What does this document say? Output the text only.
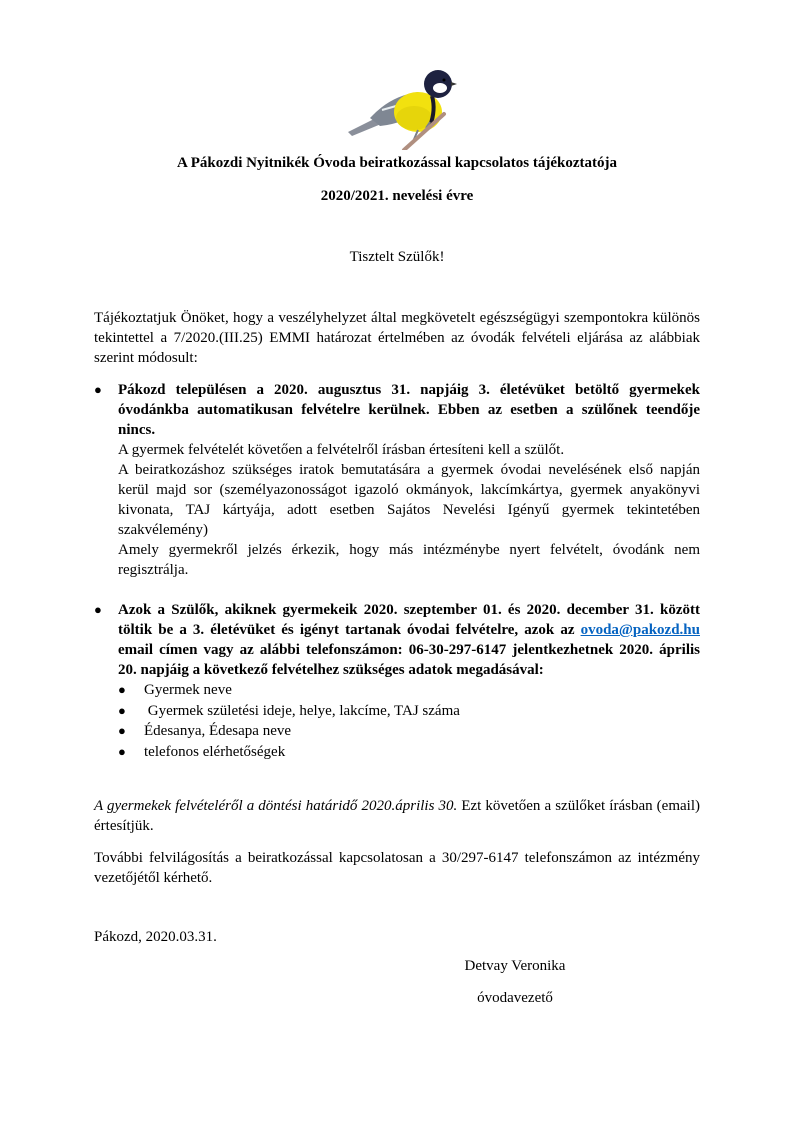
A Pákozdi Nyitnikék Óvoda beiratkozással kapcsolatos tájékoztatója
2020/2021. nevelési évre
Tisztelt Szülők!
Tájékoztatjuk Önöket, hogy a veszélyhelyzet által megkövetelt egészségügyi szempontokra különös tekintettel a 7/2020.(III.25) EMMI határozat értelmében az óvodák felvételi eljárása az alábbiak szerint módosult:
● Pákozd településen a 2020. augusztus 31. napjáig 3. életévüket betöltő gyermekek óvodánkba automatikusan felvételre kerülnek. Ebben az esetben a szülőnek teendője nincs.

A gyermek felvételét követően a felvételről írásban értesíteni kell a szülőt.

A beiratkozáshoz szükséges iratok bemutatására a gyermek óvodai nevelésének első napján kerül majd sor (személyazonosságot igazoló okmányok, lakcímkártya, gyermek anyakönyvi kivonata, TAJ kártyája, adott esetben Sajátos Nevelési Igényű gyermek tekintetében szakvélemény)

Amely gyermekről jelzés érkezik, hogy más intézménybe nyert felvételt, óvodánk nem regisztrálja.

● Azok a Szülők, akiknek gyermekeik 2020. szeptember 01. és 2020. december 31. között töltik be a 3. életévüket és igényt tartanak óvodai felvételre, azok az ovoda@pakozd.hu email címen vagy az alábbi telefonszámon: 06-30-297-6147 jelentkezhetnek 2020. április 20. napjáig a következő felvételhez szükséges adatok megadásával:

● Gyermek neve
● Gyermek születési ideje, helye, lakcíme, TAJ száma
● Édesanya, Édesapa neve
● telefonos elérhetőségek
A gyermekek felvételéről a döntési határidő 2020.április 30. Ezt követően a szülőket írásban (email) értesítjük.
További felvilágosítás a beiratkozással kapcsolatosan a 30/297-6147 telefonszámon az intézmény vezetőjétől kérhető.
Pákozd, 2020.03.31.
Detvay Veronika
óvodavezető
